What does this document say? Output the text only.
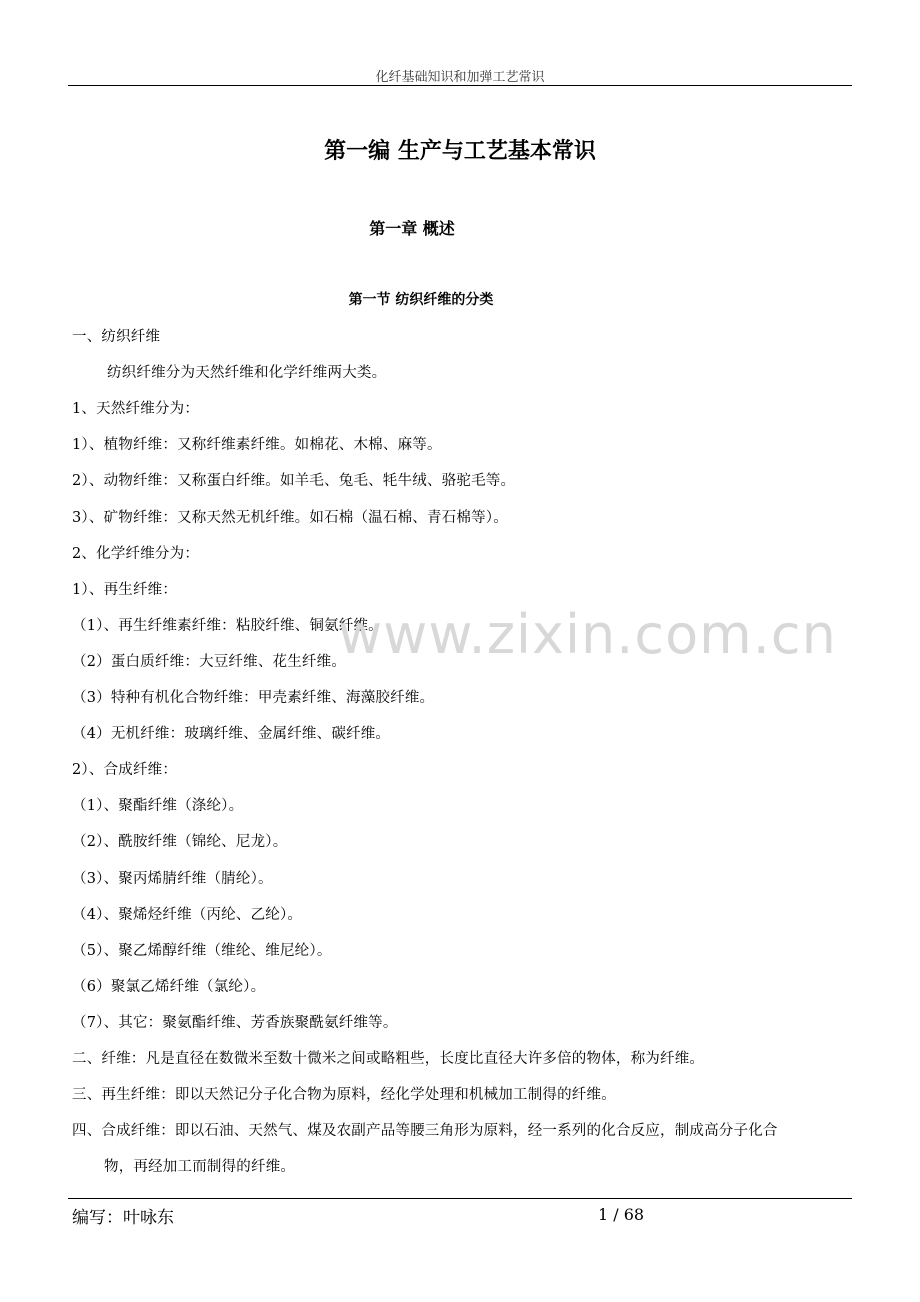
化纤基础知识和加弹工艺常识
第一编 生产与工艺基本常识
第一章 概述
第一节 纺织纤维的分类
一、纺织纤维
纺织纤维分为天然纤维和化学纤维两大类。
1、天然纤维分为：
1）、植物纤维：又称纤维素纤维。如棉花、木棉、麻等。
2）、动物纤维：又称蛋白纤维。如羊毛、兔毛、牦牛绒、骆驼毛等。
3）、矿物纤维：又称天然无机纤维。如石棉（温石棉、青石棉等）。
2、化学纤维分为：
1）、再生纤维：
（1）、再生纤维素纤维：粘胶纤维、铜氨纤维。
（2）蛋白质纤维：大豆纤维、花生纤维。
（3）特种有机化合物纤维：甲壳素纤维、海藻胶纤维。
（4）无机纤维：玻璃纤维、金属纤维、碳纤维。
2）、合成纤维：
（1）、聚酯纤维（涤纶）。
（2）、酰胺纤维（锦纶、尼龙）。
（3）、聚丙烯腈纤维（腈纶）。
（4）、聚烯烃纤维（丙纶、乙纶）。
（5）、聚乙烯醇纤维（维纶、维尼纶）。
（6）聚氯乙烯纤维（氯纶）。
（7）、其它：聚氨酯纤维、芳香族聚酰氨纤维等。
二、纤维：凡是直径在数微米至数十微米之间或略粗些，长度比直径大许多倍的物体，称为纤维。
三、再生纤维：即以天然记分子化合物为原料，经化学处理和机械加工制得的纤维。
四、合成纤维：即以石油、天然气、煤及农副产品等腰三角形为原料，经一系列的化合反应，制成高分子化合
物，再经加工而制得的纤维。
www.zixin.com.cn
编写：叶咏东	1 / 68
